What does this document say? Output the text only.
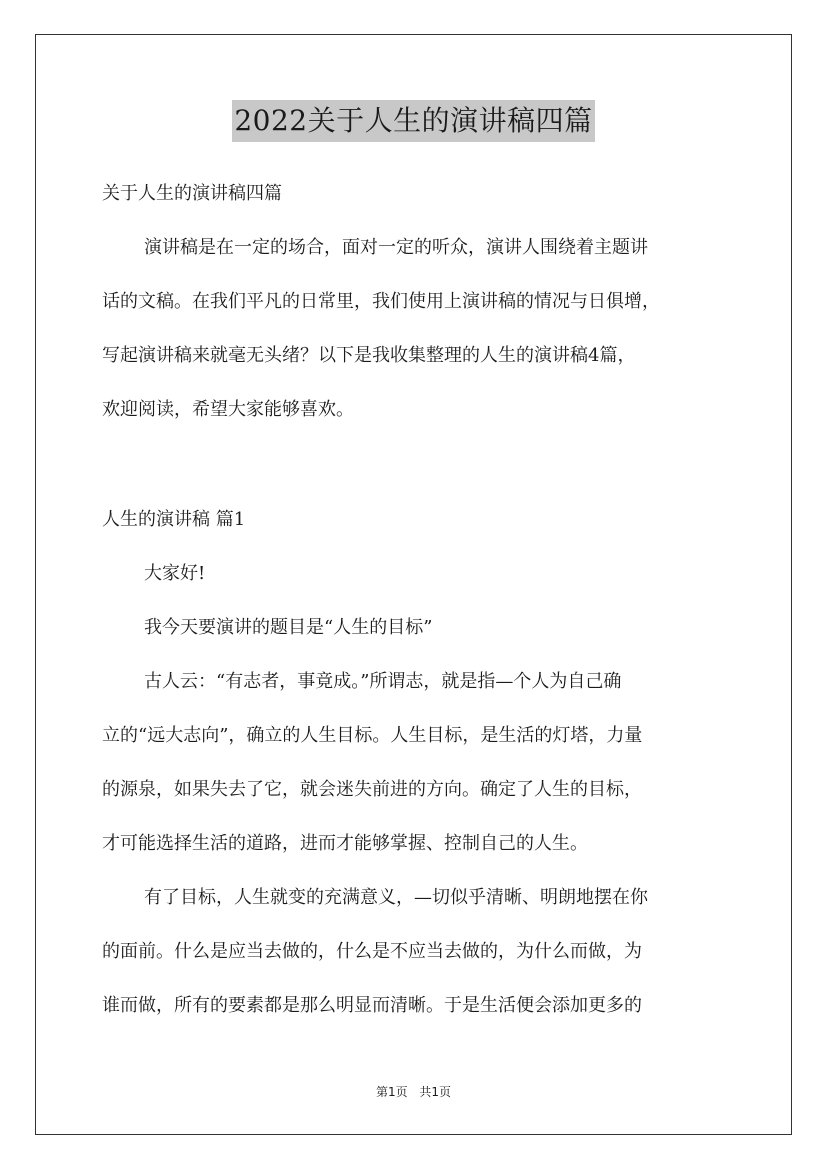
2022关于人生的演讲稿四篇
关于人生的演讲稿四篇
演讲稿是在一定的场合，面对一定的听众，演讲人围绕着主题讲
话的文稿。在我们平凡的日常里，我们使用上演讲稿的情况与日俱增，
写起演讲稿来就毫无头绪？以下是我收集整理的人生的演讲稿4篇，
欢迎阅读，希望大家能够喜欢。
人生的演讲稿 篇1
大家好!
我今天要演讲的题目是“人生的目标”
古人云：“有志者，事竟成。”所谓志，就是指—个人为自己确
立的“远大志向”，确立的人生目标。人生目标，是生活的灯塔，力量
的源泉，如果失去了它，就会迷失前进的方向。确定了人生的目标，
才可能选择生活的道路，进而才能够掌握、控制自己的人生。
有了目标，人生就变的充满意义，—切似乎清晰、明朗地摆在你
的面前。什么是应当去做的，什么是不应当去做的，为什么而做，为
谁而做，所有的要素都是那么明显而清晰。于是生活便会添加更多的
第1页 共1页
